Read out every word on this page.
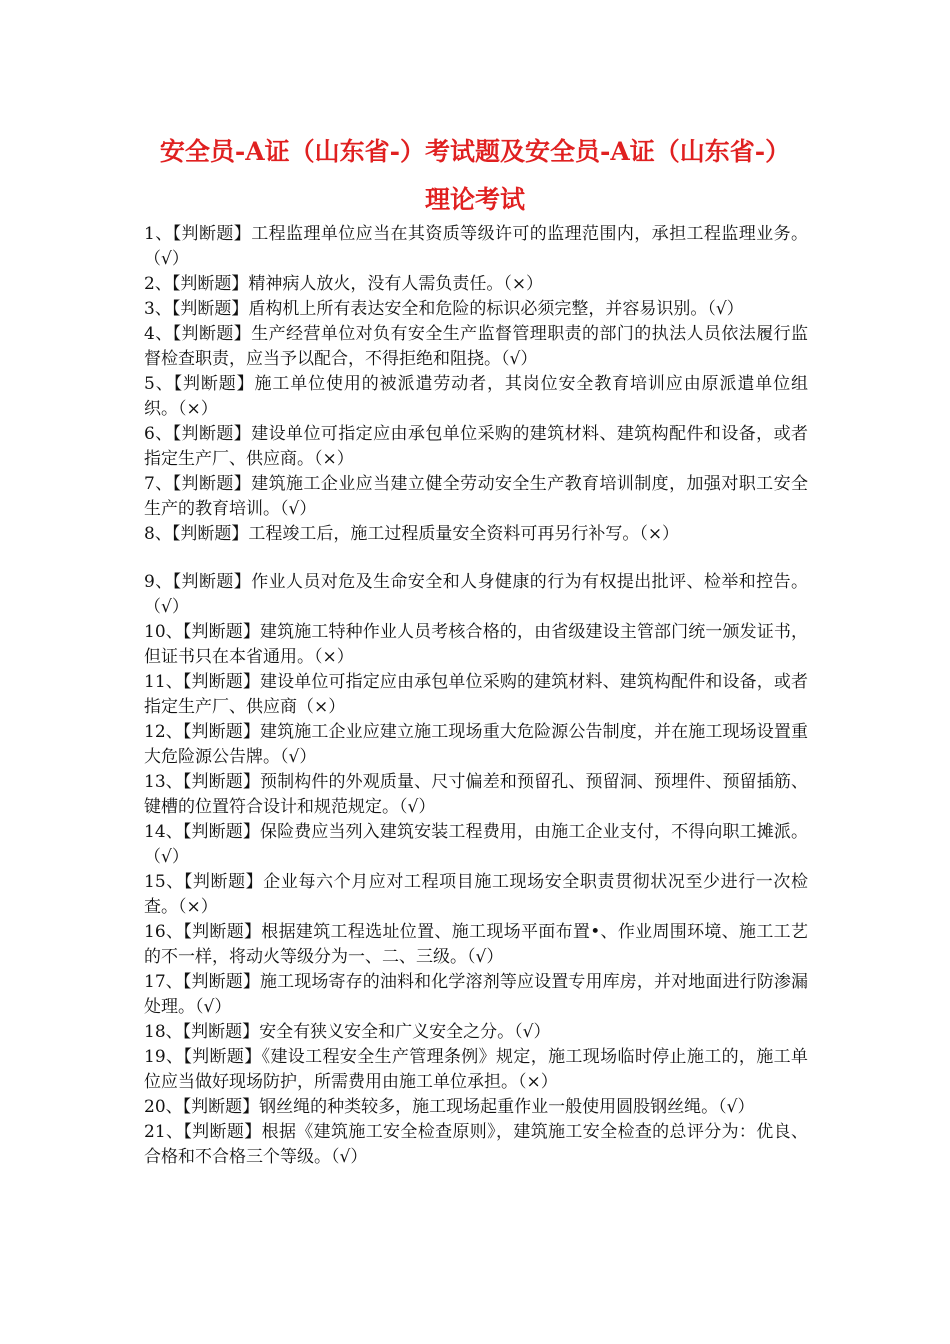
安全员-A证（山东省-）考试题及安全员-A证（山东省-）
理论考试
1、【判断题】工程监理单位应当在其资质等级许可的监理范围内，承担工程监理业务。（√）
2、【判断题】精神病人放火，没有人需负责任。（×）
3、【判断题】盾构机上所有表达安全和危险的标识必须完整，并容易识别。（√）
4、【判断题】生产经营单位对负有安全生产监督管理职责的部门的执法人员依法履行监督检查职责，应当予以配合，不得拒绝和阻挠。（√）
5、【判断题】施工单位使用的被派遣劳动者，其岗位安全教育培训应由原派遣单位组织。（×）
6、【判断题】建设单位可指定应由承包单位采购的建筑材料、建筑构配件和设备，或者指定生产厂、供应商。（×）
7、【判断题】建筑施工企业应当建立健全劳动安全生产教育培训制度，加强对职工安全生产的教育培训。（√）
8、【判断题】工程竣工后，施工过程质量安全资料可再另行补写。（×）
9、【判断题】作业人员对危及生命安全和人身健康的行为有权提出批评、检举和控告。（√）
10、【判断题】建筑施工特种作业人员考核合格的，由省级建设主管部门统一颁发证书，但证书只在本省通用。（×）
11、【判断题】建设单位可指定应由承包单位采购的建筑材料、建筑构配件和设备，或者指定生产厂、供应商（×）
12、【判断题】建筑施工企业应建立施工现场重大危险源公告制度，并在施工现场设置重大危险源公告牌。（√）
13、【判断题】预制构件的外观质量、尺寸偏差和预留孔、预留洞、预埋件、预留插筋、键槽的位置符合设计和规范规定。（√）
14、【判断题】保险费应当列入建筑安装工程费用，由施工企业支付，不得向职工摊派。（√）
15、【判断题】企业每六个月应对工程项目施工现场安全职责贯彻状况至少进行一次检查。（×）
16、【判断题】根据建筑工程选址位置、施工现场平面布置•、作业周围环境、施工工艺的不一样，将动火等级分为一、二、三级。（√）
17、【判断题】施工现场寄存的油料和化学溶剂等应设置专用库房，并对地面进行防渗漏处理。（√）
18、【判断题】安全有狭义安全和广义安全之分。（√）
19、【判断题】《建设工程安全生产管理条例》规定，施工现场临时停止施工的，施工单位应当做好现场防护，所需费用由施工单位承担。（×）
20、【判断题】钢丝绳的种类较多，施工现场起重作业一般使用圆股钢丝绳。（√）
21、【判断题】根据《建筑施工安全检查原则》，建筑施工安全检查的总评分为：优良、合格和不合格三个等级。（√）
